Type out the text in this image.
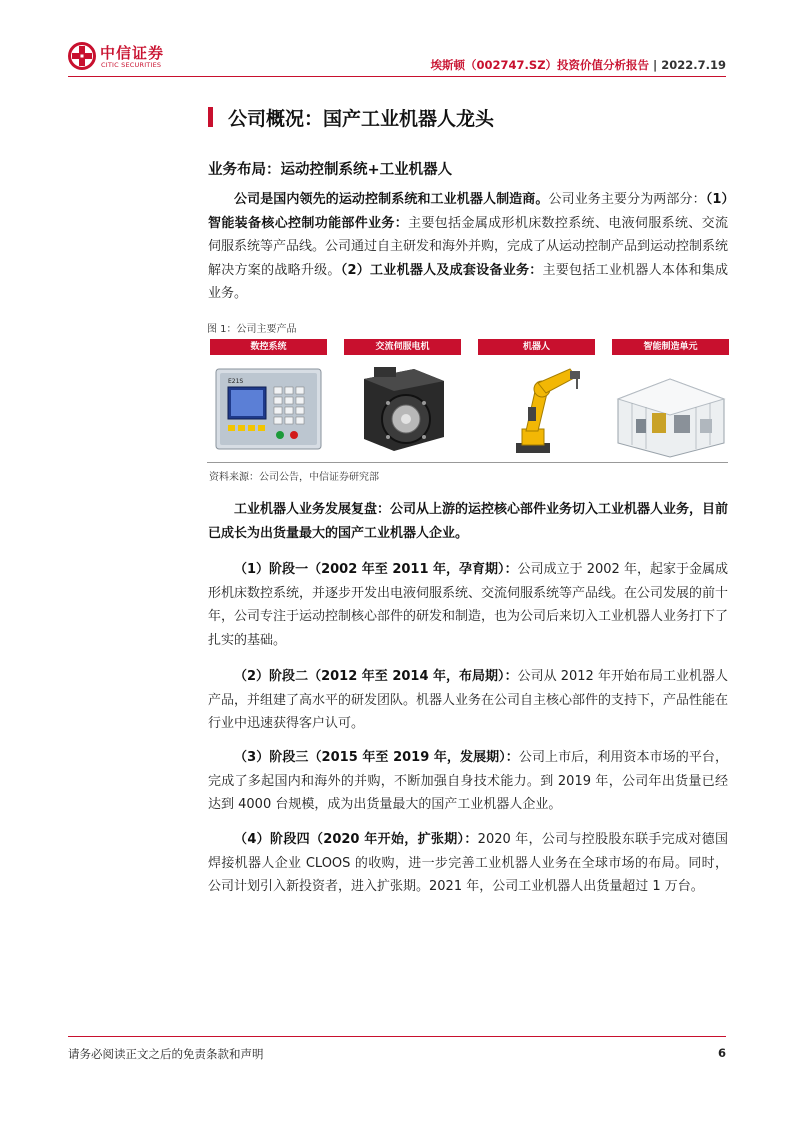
中信证券
CITIC SECURITIES	埃斯顿（002747.SZ）投资价值分析报告 | 2022.7.19
公司概况：国产工业机器人龙头
业务布局：运动控制系统+工业机器人
公司是国内领先的运动控制系统和工业机器人制造商。公司业务主要分为两部分：（1）智能装备核心控制功能部件业务：主要包括金属成形机床数控系统、电液伺服系统、交流伺服系统等产品线。公司通过自主研发和海外并购，完成了从运动控制产品到运动控制系统解决方案的战略升级。（2）工业机器人及成套设备业务：主要包括工业机器人本体和集成业务。
图 1：公司主要产品
数控系统
E21S
交流伺服电机	机器人	智能制造单元
资料来源：公司公告，中信证券研究部
工业机器人业务发展复盘：公司从上游的运控核心部件业务切入工业机器人业务，目前已成长为出货量最大的国产工业机器人企业。
（1）阶段一（2002 年至 2011 年，孕育期）：公司成立于 2002 年，起家于金属成形机床数控系统，并逐步开发出电液伺服系统、交流伺服系统等产品线。在公司发展的前十年，公司专注于运动控制核心部件的研发和制造，也为公司后来切入工业机器人业务打下了扎实的基础。
（2）阶段二（2012 年至 2014 年，布局期）：公司从 2012 年开始布局工业机器人产品，并组建了高水平的研发团队。机器人业务在公司自主核心部件的支持下，产品性能在行业中迅速获得客户认可。
（3）阶段三（2015 年至 2019 年，发展期）：公司上市后，利用资本市场的平台，完成了多起国内和海外的并购，不断加强自身技术能力。到 2019 年，公司年出货量已经达到 4000 台规模，成为出货量最大的国产工业机器人企业。
（4）阶段四（2020 年开始，扩张期）：2020 年，公司与控股股东联手完成对德国焊接机器人企业 CLOOS 的收购，进一步完善工业机器人业务在全球市场的布局。同时，公司计划引入新投资者，进入扩张期。2021 年，公司工业机器人出货量超过 1 万台。
请务必阅读正文之后的免责条款和声明	6
